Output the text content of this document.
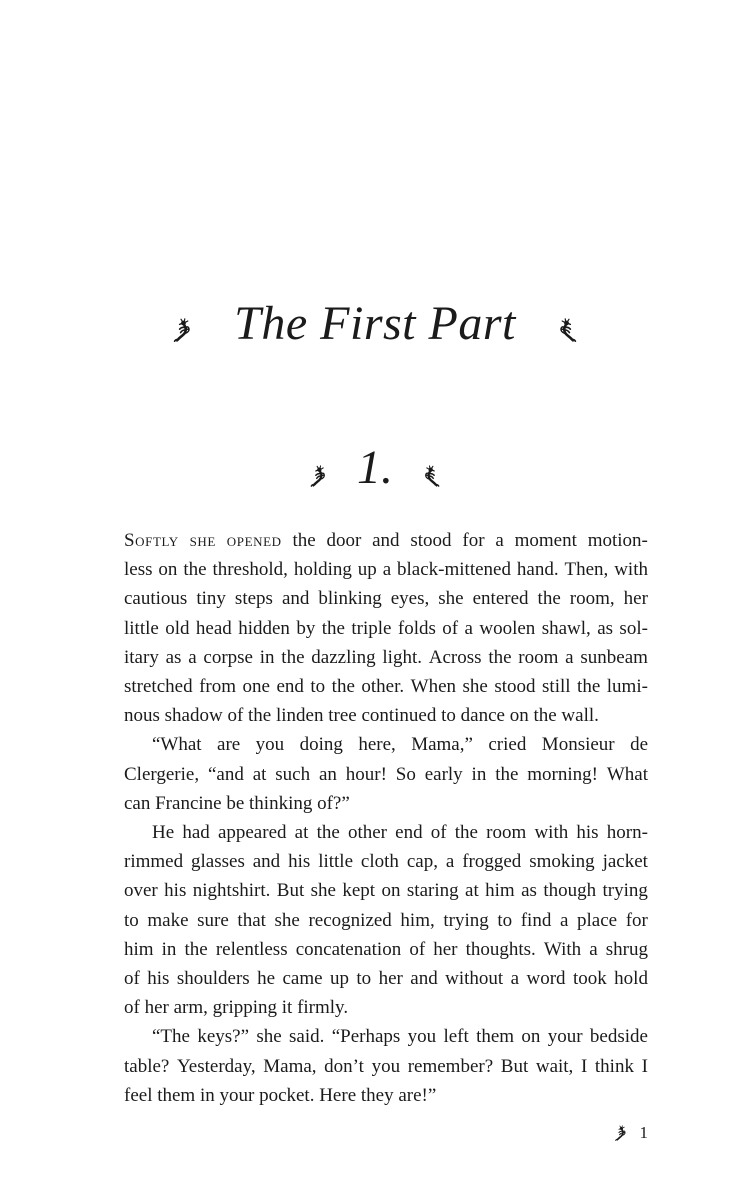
The First Part
1.
Softly she opened the door and stood for a moment motion-
less on the threshold, holding up a black-mittened hand. Then, with
cautious tiny steps and blinking eyes, she entered the room, her
little old head hidden by the triple folds of a woolen shawl, as sol-
itary as a corpse in the dazzling light. Across the room a sunbeam
stretched from one end to the other. When she stood still the lumi-
nous shadow of the linden tree continued to dance on the wall.
“What are you doing here, Mama,” cried Monsieur de
Clergerie, “and at such an hour! So early in the morning! What
can Francine be thinking of?”
He had appeared at the other end of the room with his horn-
rimmed glasses and his little cloth cap, a frogged smoking jacket
over his nightshirt. But she kept on staring at him as though trying
to make sure that she recognized him, trying to find a place for
him in the relentless concatenation of her thoughts. With a shrug
of his shoulders he came up to her and without a word took hold
of her arm, gripping it firmly.
“The keys?” she said. “Perhaps you left them on your bedside
table? Yesterday, Mama, don’t you remember? But wait, I think I
feel them in your pocket. Here they are!”
1
